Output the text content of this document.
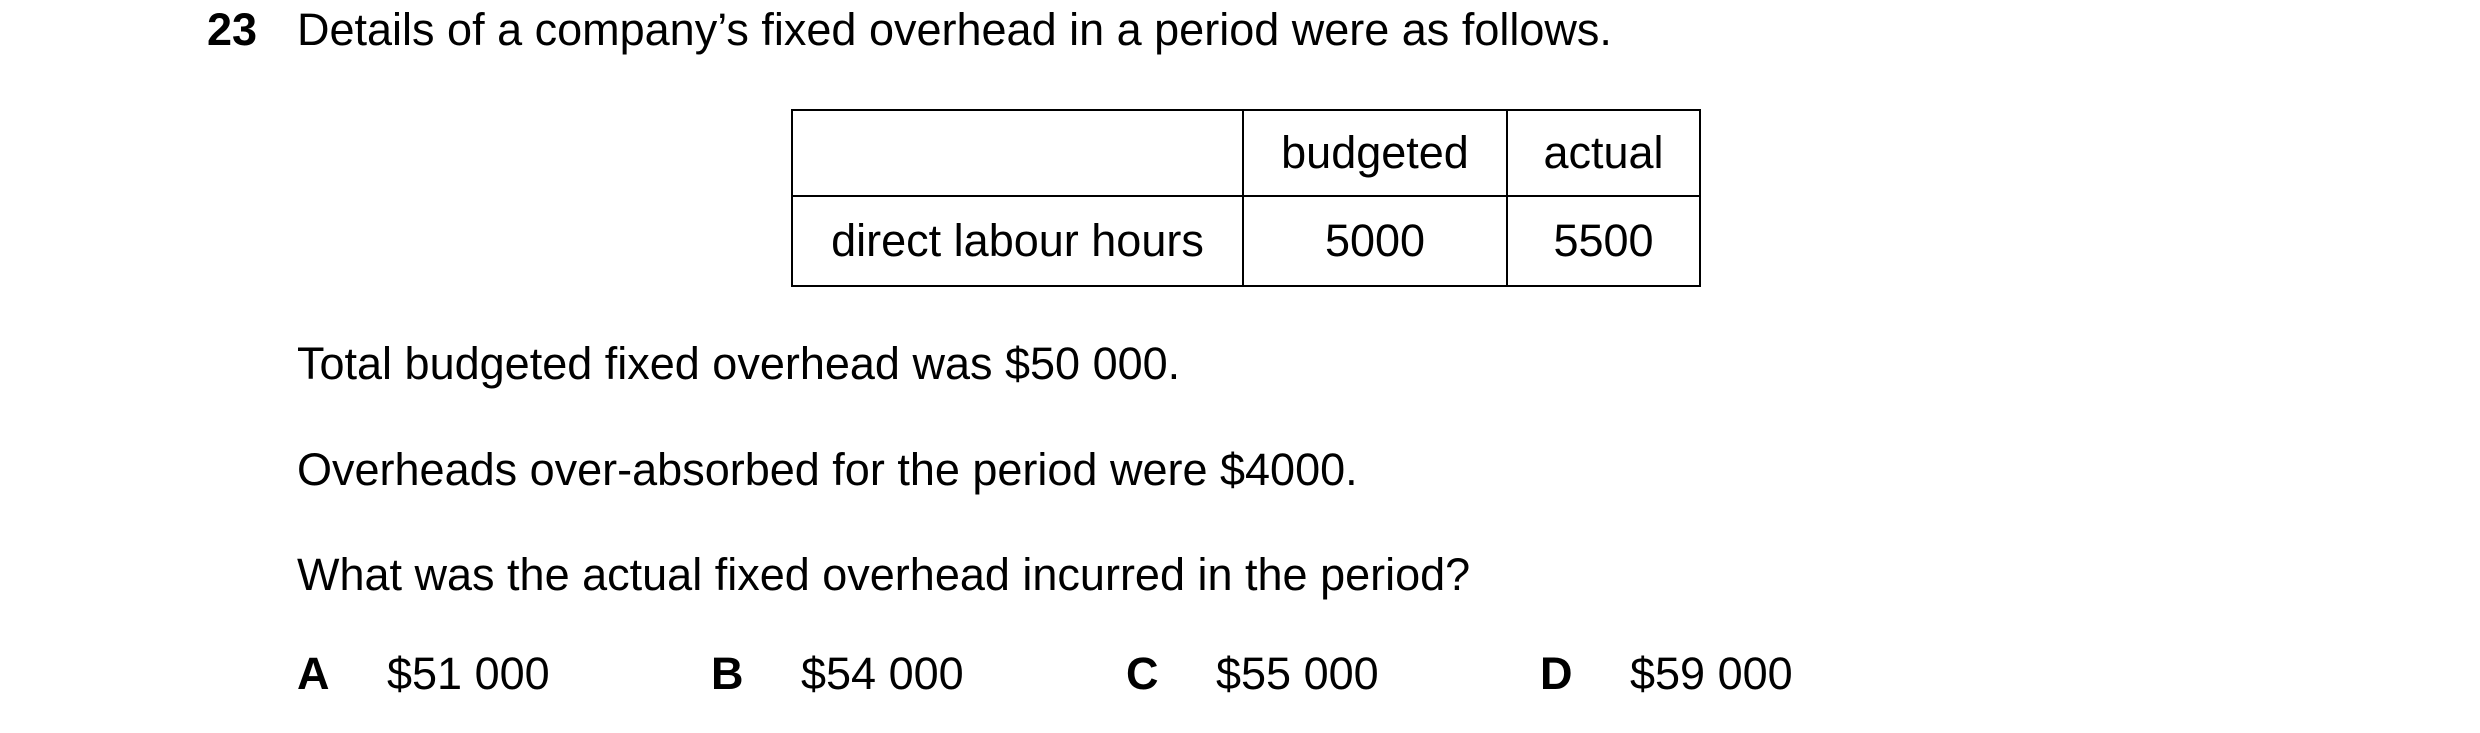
23 Details of a company’s fixed overhead in a period were as follows.
	budgeted	actual
direct labour hours	5000	5500
Total budgeted fixed overhead was $50 000.
Overheads over-absorbed for the period were $4000.
What was the actual fixed overhead incurred in the period?
A $51 000	B $54 000	C $55 000	D $59 000
